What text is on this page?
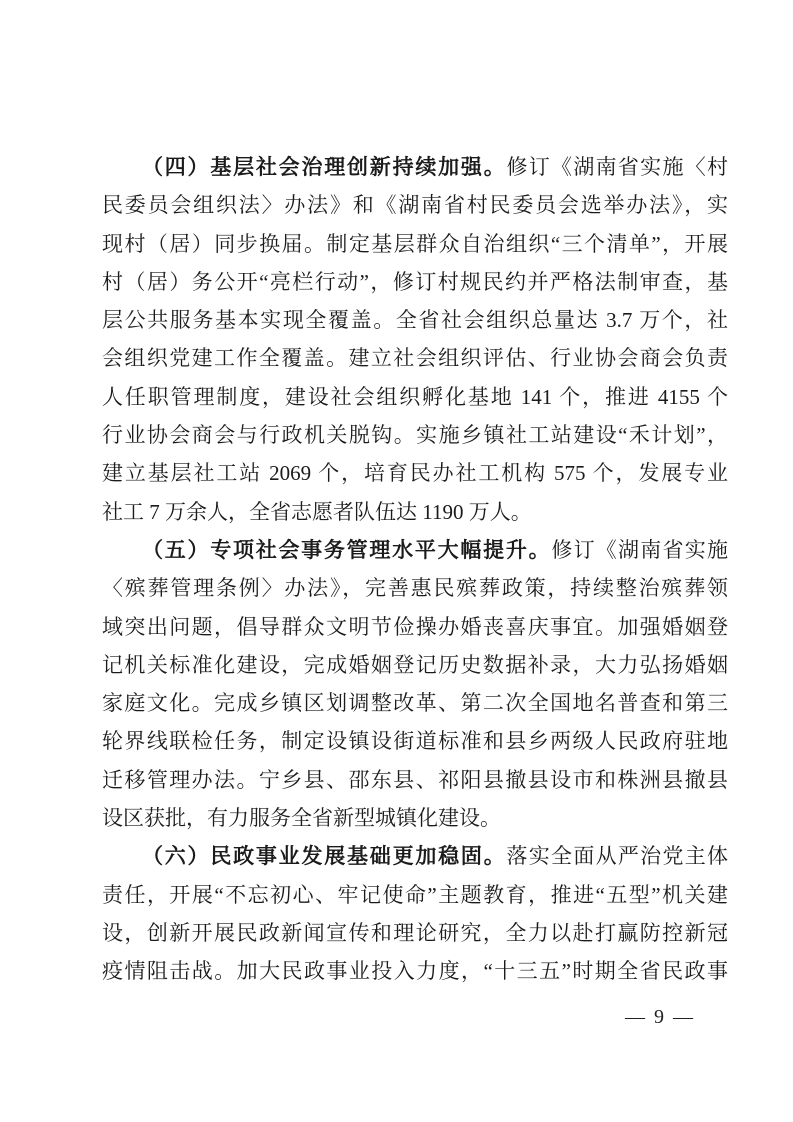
（四）基层社会治理创新持续加强。修订《湖南省实施〈村
民委员会组织法〉办法》和《湖南省村民委员会选举办法》，实
现村（居）同步换届。制定基层群众自治组织“三个清单”，开展
村（居）务公开“亮栏行动”，修订村规民约并严格法制审查，基
层公共服务基本实现全覆盖。全省社会组织总量达 3.7 万个，社
会组织党建工作全覆盖。建立社会组织评估、行业协会商会负责
人任职管理制度，建设社会组织孵化基地 141 个，推进 4155 个
行业协会商会与行政机关脱钩。实施乡镇社工站建设“禾计划”，
建立基层社工站 2069 个，培育民办社工机构 575 个，发展专业
社工 7 万余人，全省志愿者队伍达 1190 万人。
（五）专项社会事务管理水平大幅提升。修订《湖南省实施
〈殡葬管理条例〉办法》，完善惠民殡葬政策，持续整治殡葬领
域突出问题，倡导群众文明节俭操办婚丧喜庆事宜。加强婚姻登
记机关标准化建设，完成婚姻登记历史数据补录，大力弘扬婚姻
家庭文化。完成乡镇区划调整改革、第二次全国地名普查和第三
轮界线联检任务，制定设镇设街道标准和县乡两级人民政府驻地
迁移管理办法。宁乡县、邵东县、祁阳县撤县设市和株洲县撤县
设区获批，有力服务全省新型城镇化建设。
（六）民政事业发展基础更加稳固。落实全面从严治党主体
责任，开展“不忘初心、牢记使命”主题教育，推进“五型”机关建
设，创新开展民政新闻宣传和理论研究，全力以赴打赢防控新冠
疫情阻击战。加大民政事业投入力度，“十三五”时期全省民政事
— 9 —
